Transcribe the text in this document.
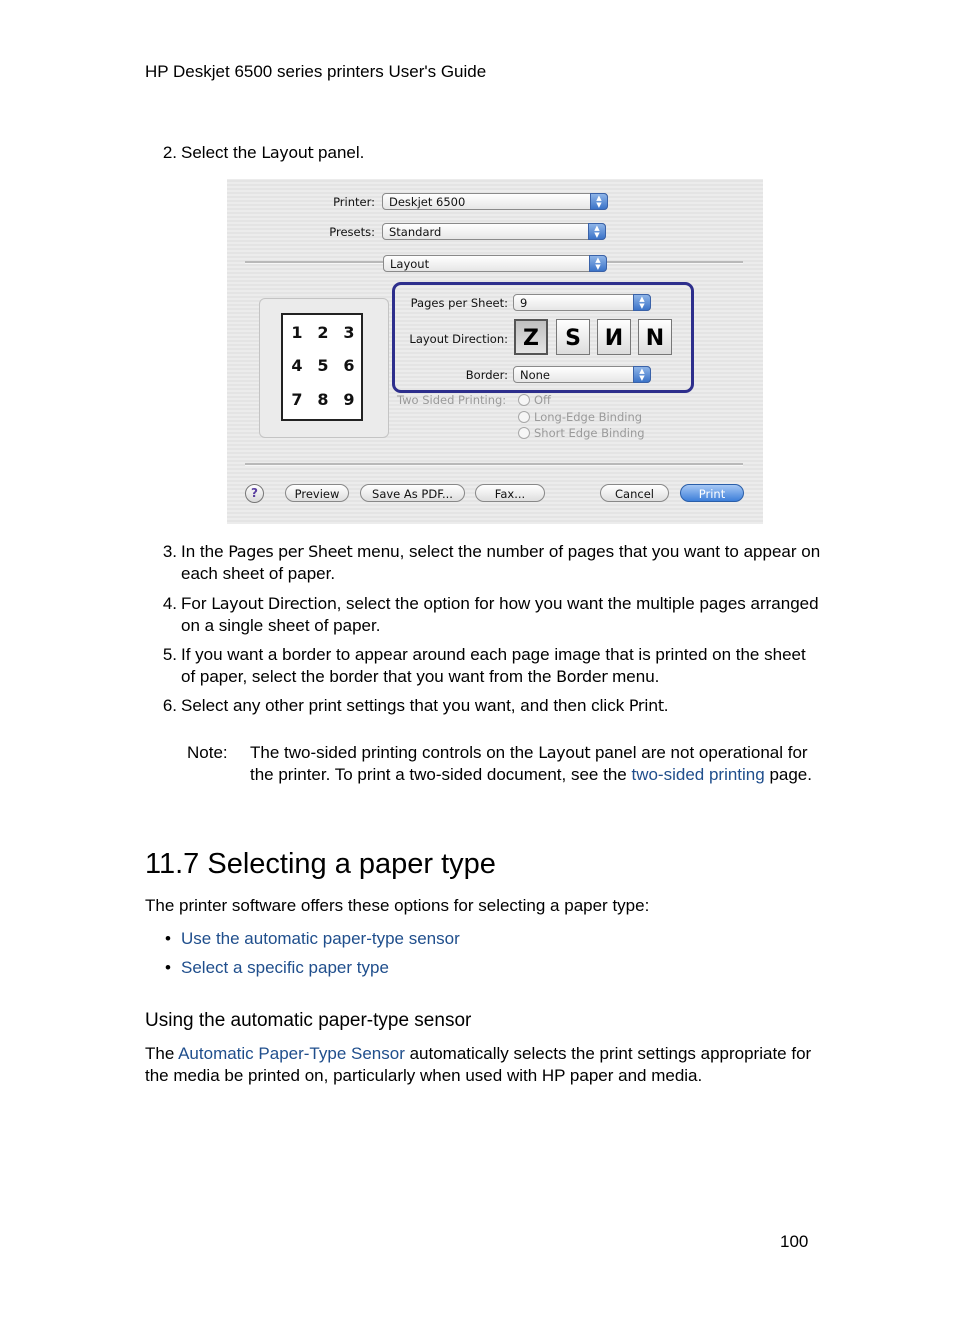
HP Deskjet 6500 series printers User's Guide
2. Select the Layout panel.
Printer:	Deskjet 6500	▲
▼
Presets:	Standard	▲
▼
Layout	▲
▼
1 2 3
4 5 6
7 8 9
Pages per Sheet:	9	▲
▼
Layout Direction: Z S И N
Border:	None	▲
▼
Two Sided Printing: Off
Long-Edge Binding
Short Edge Binding
?	Preview	Save As PDF...	Fax...	Cancel	Print
3. In the Pages per Sheet menu, select the number of pages that you want to appear on each sheet of paper.
4. For Layout Direction, select the option for how you want the multiple pages arranged on a single sheet of paper.
5. If you want a border to appear around each page image that is printed on the sheet of paper, select the border that you want from the Border menu.
6. Select any other print settings that you want, and then click Print.
Note: The two-sided printing controls on the Layout panel are not operational for the printer. To print a two-sided document, see the two-sided printing page.
11.7 Selecting a paper type
The printer software offers these options for selecting a paper type:
• Use the automatic paper-type sensor
• Select a specific paper type
Using the automatic paper-type sensor
The Automatic Paper-Type Sensor automatically selects the print settings appropriate for the media be printed on, particularly when used with HP paper and media.
100
